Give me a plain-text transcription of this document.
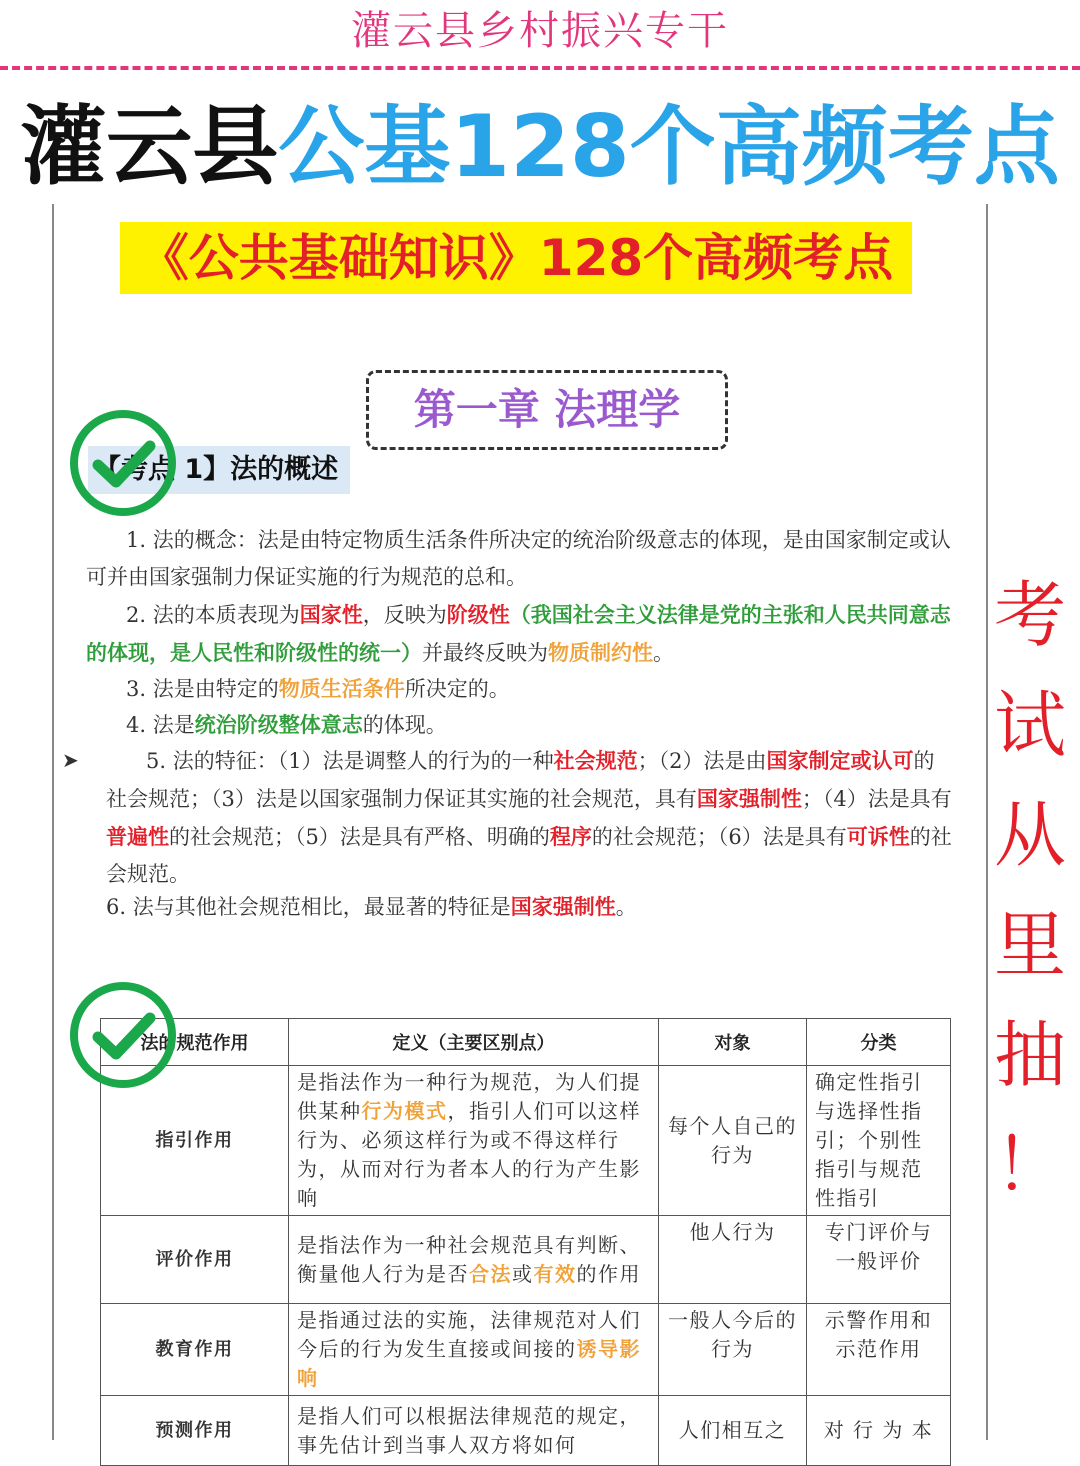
灌云县乡村振兴专干
灌云县公基128个高频考点
《公共基础知识》128个高频考点
第一章 法理学
【考点 1】法的概述
1. 法的概念：法是由特定物质生活条件所决定的统治阶级意志的体现，是由国家制定或认可并由国家强制力保证实施的行为规范的总和。
2. 法的本质表现为国家性，反映为阶级性（我国社会主义法律是党的主张和人民共同意志的体现，是人民性和阶级性的统一）并最终反映为物质制约性。
3. 法是由特定的物质生活条件所决定的。
4. 法是统治阶级整体意志的体现。
➤	5. 法的特征：（1）法是调整人的行为的一种社会规范；（2）法是由国家制定或认可的社会规范；（3）法是以国家强制力保证其实施的社会规范，具有国家强制性；（4）法是具有普遍性的社会规范；（5）法是具有严格、明确的程序的社会规范；（6）法是具有可诉性的社会规范。
6. 法与其他社会规范相比，最显著的特征是国家强制性。
法的规范作用	定义（主要区别点）	对象	分类
指引作用	是指法作为一种行为规范，为人们提供某种行为模式，指引人们可以这样行为、必须这样行为或不得这样行为，从而对行为者本人的行为产生影响	每个人自己的行为	确定性指引与选择性指引；个别性指引与规范性指引
评价作用	是指法作为一种社会规范具有判断、衡量他人行为是否合法或有效的作用	他人行为	专门评价与一般评价
教育作用	是指通过法的实施，法律规范对人们今后的行为发生直接或间接的诱导影响	一般人今后的行为	示警作用和示范作用
预测作用	是指人们可以根据法律规范的规定，事先估计到当事人双方将如何	人们相互之	对 行 为 本
考
试
从
里
抽
！
